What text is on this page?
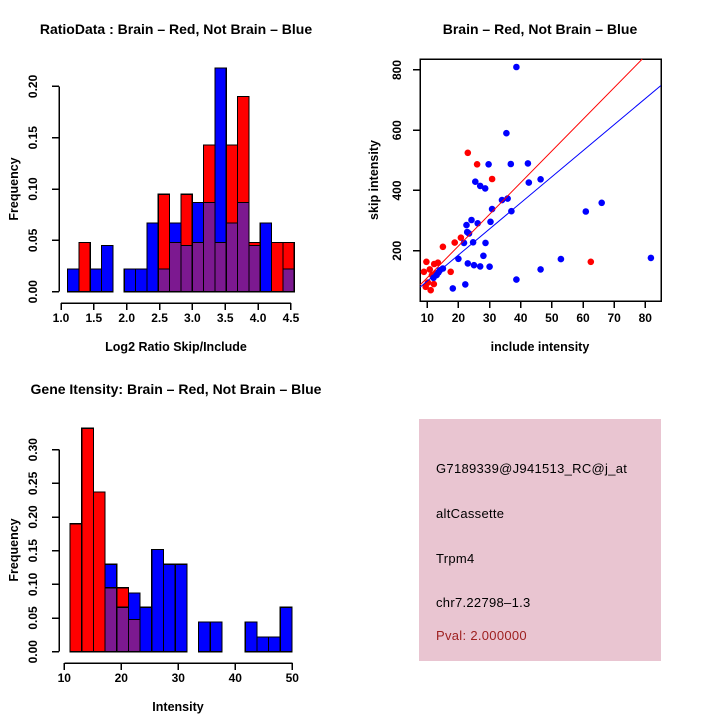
1.0 1.5 2.0 2.5 3.0 3.5 4.0 4.5
0.00
0.05
0.10
0.15
0.20
RatioData : Brain – Red, Not Brain – Blue
Log2 Ratio Skip/Include
Frequency
10 20 30 40 50 60 70 80
200
400
600
800
Brain – Red, Not Brain – Blue
include intensity
skip intensity
10	20	30	40	50
0.00
0.05
0.10
0.15
0.20
0.25
0.30
Gene Itensity: Brain – Red, Not Brain – Blue
Intensity
Frequency
G7189339@J941513_RC@j_at
altCassette
Trpm4
chr7.22798–1.3
Pval: 2.000000
